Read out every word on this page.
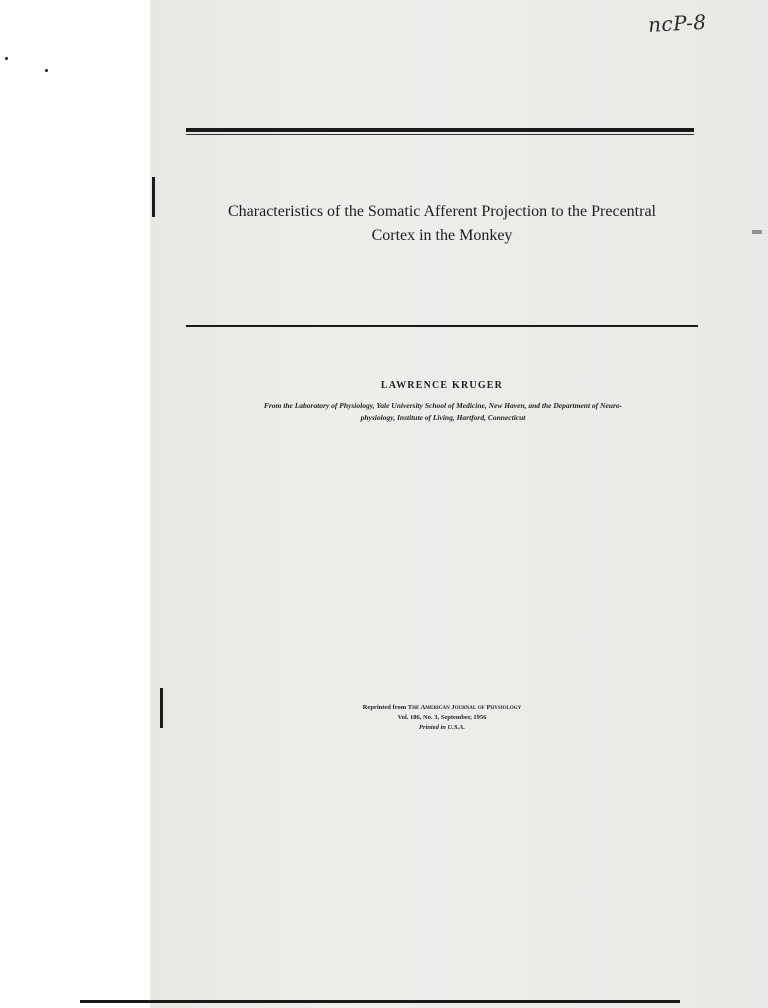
ncP-8
Characteristics of the Somatic Afferent Projection to the Precentral
Cortex in the Monkey
LAWRENCE KRUGER
From the Laboratory of Physiology, Yale University School of Medicine, New Haven, and the Department of Neuro-
physiology, Institute of Living, Hartford, Connecticut
Reprinted from The American Journal of Physiology
Vol. 186, No. 3, September, 1956
Printed in U.S.A.
